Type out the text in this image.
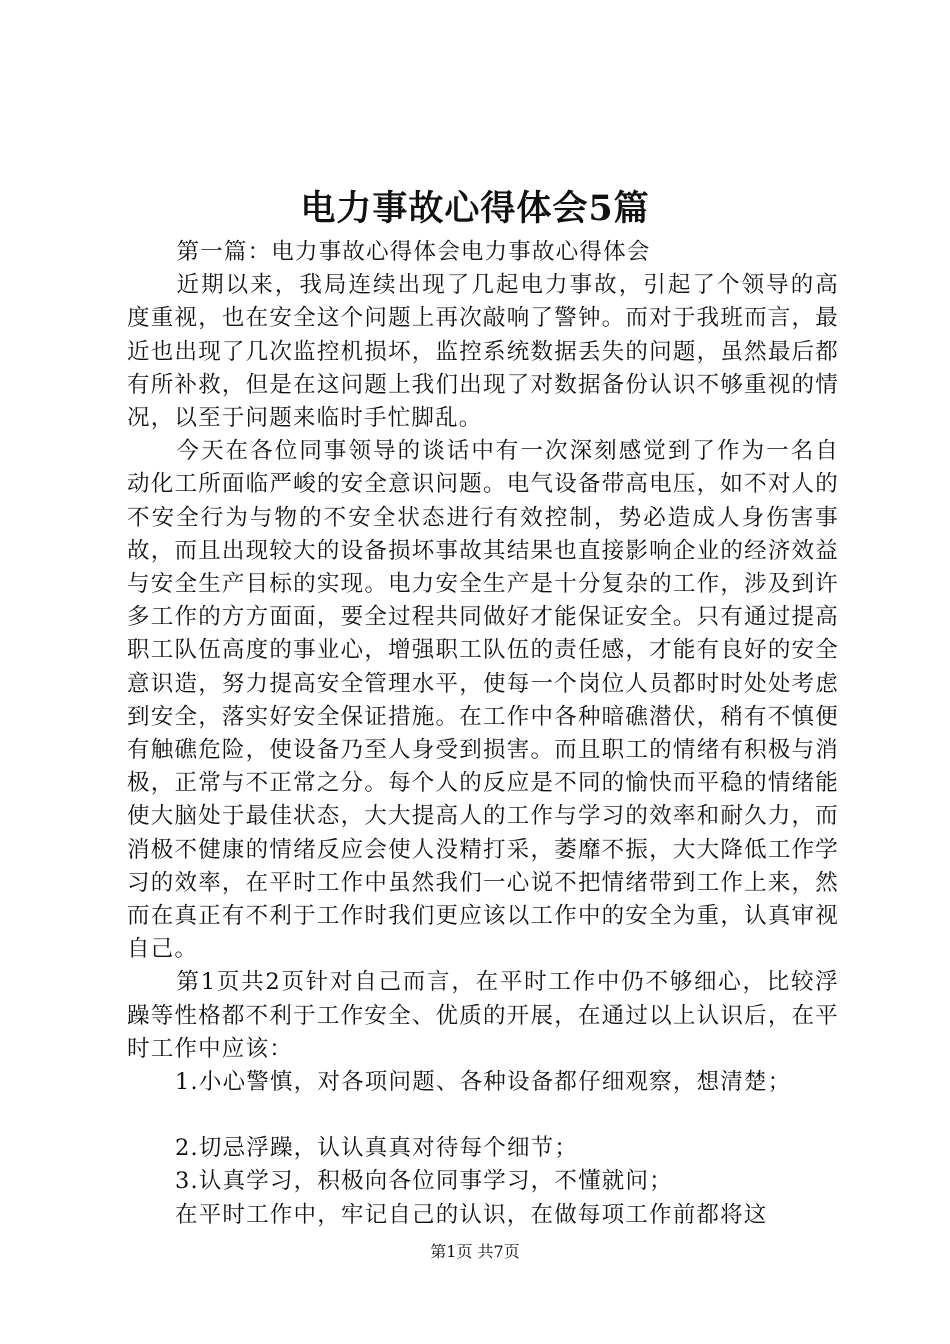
电力事故心得体会5篇

第一篇：电力事故心得体会电力事故心得体会

近期以来，我局连续出现了几起电力事故，引起了个领导的高度重视，也在安全这个问题上再次敲响了警钟。而对于我班而言，最近也出现了几次监控机损坏，监控系统数据丢失的问题，虽然最后都有所补救，但是在这问题上我们出现了对数据备份认识不够重视的情况，以至于问题来临时手忙脚乱。

今天在各位同事领导的谈话中有一次深刻感觉到了作为一名自动化工所面临严峻的安全意识问题。电气设备带高电压，如不对人的不安全行为与物的不安全状态进行有效控制，势必造成人身伤害事故，而且出现较大的设备损坏事故其结果也直接影响企业的经济效益与安全生产目标的实现。电力安全生产是十分复杂的工作，涉及到许多工作的方方面面，要全过程共同做好才能保证安全。只有通过提高职工队伍高度的事业心，增强职工队伍的责任感，才能有良好的安全意识造，努力提高安全管理水平，使每一个岗位人员都时时处处考虑到安全，落实好安全保证措施。在工作中各种暗礁潜伏，稍有不慎便有触礁危险，使设备乃至人身受到损害。而且职工的情绪有积极与消极，正常与不正常之分。每个人的反应是不同的愉快而平稳的情绪能使大脑处于最佳状态，大大提高人的工作与学习的效率和耐久力，而消极不健康的情绪反应会使人没精打采，萎靡不振，大大降低工作学习的效率，在平时工作中虽然我们一心说不把情绪带到工作上来，然而在真正有不利于工作时我们更应该以工作中的安全为重，认真审视自己。

第1页共2页针对自己而言，在平时工作中仍不够细心，比较浮躁等性格都不利于工作安全、优质的开展，在通过以上认识后，在平时工作中应该：

1.小心警慎，对各项问题、各种设备都仔细观察，想清楚；

2.切忌浮躁，认认真真对待每个细节；

3.认真学习，积极向各位同事学习，不懂就问；

在平时工作中，牢记自己的认识，在做每项工作前都将这

第1页 共7页
